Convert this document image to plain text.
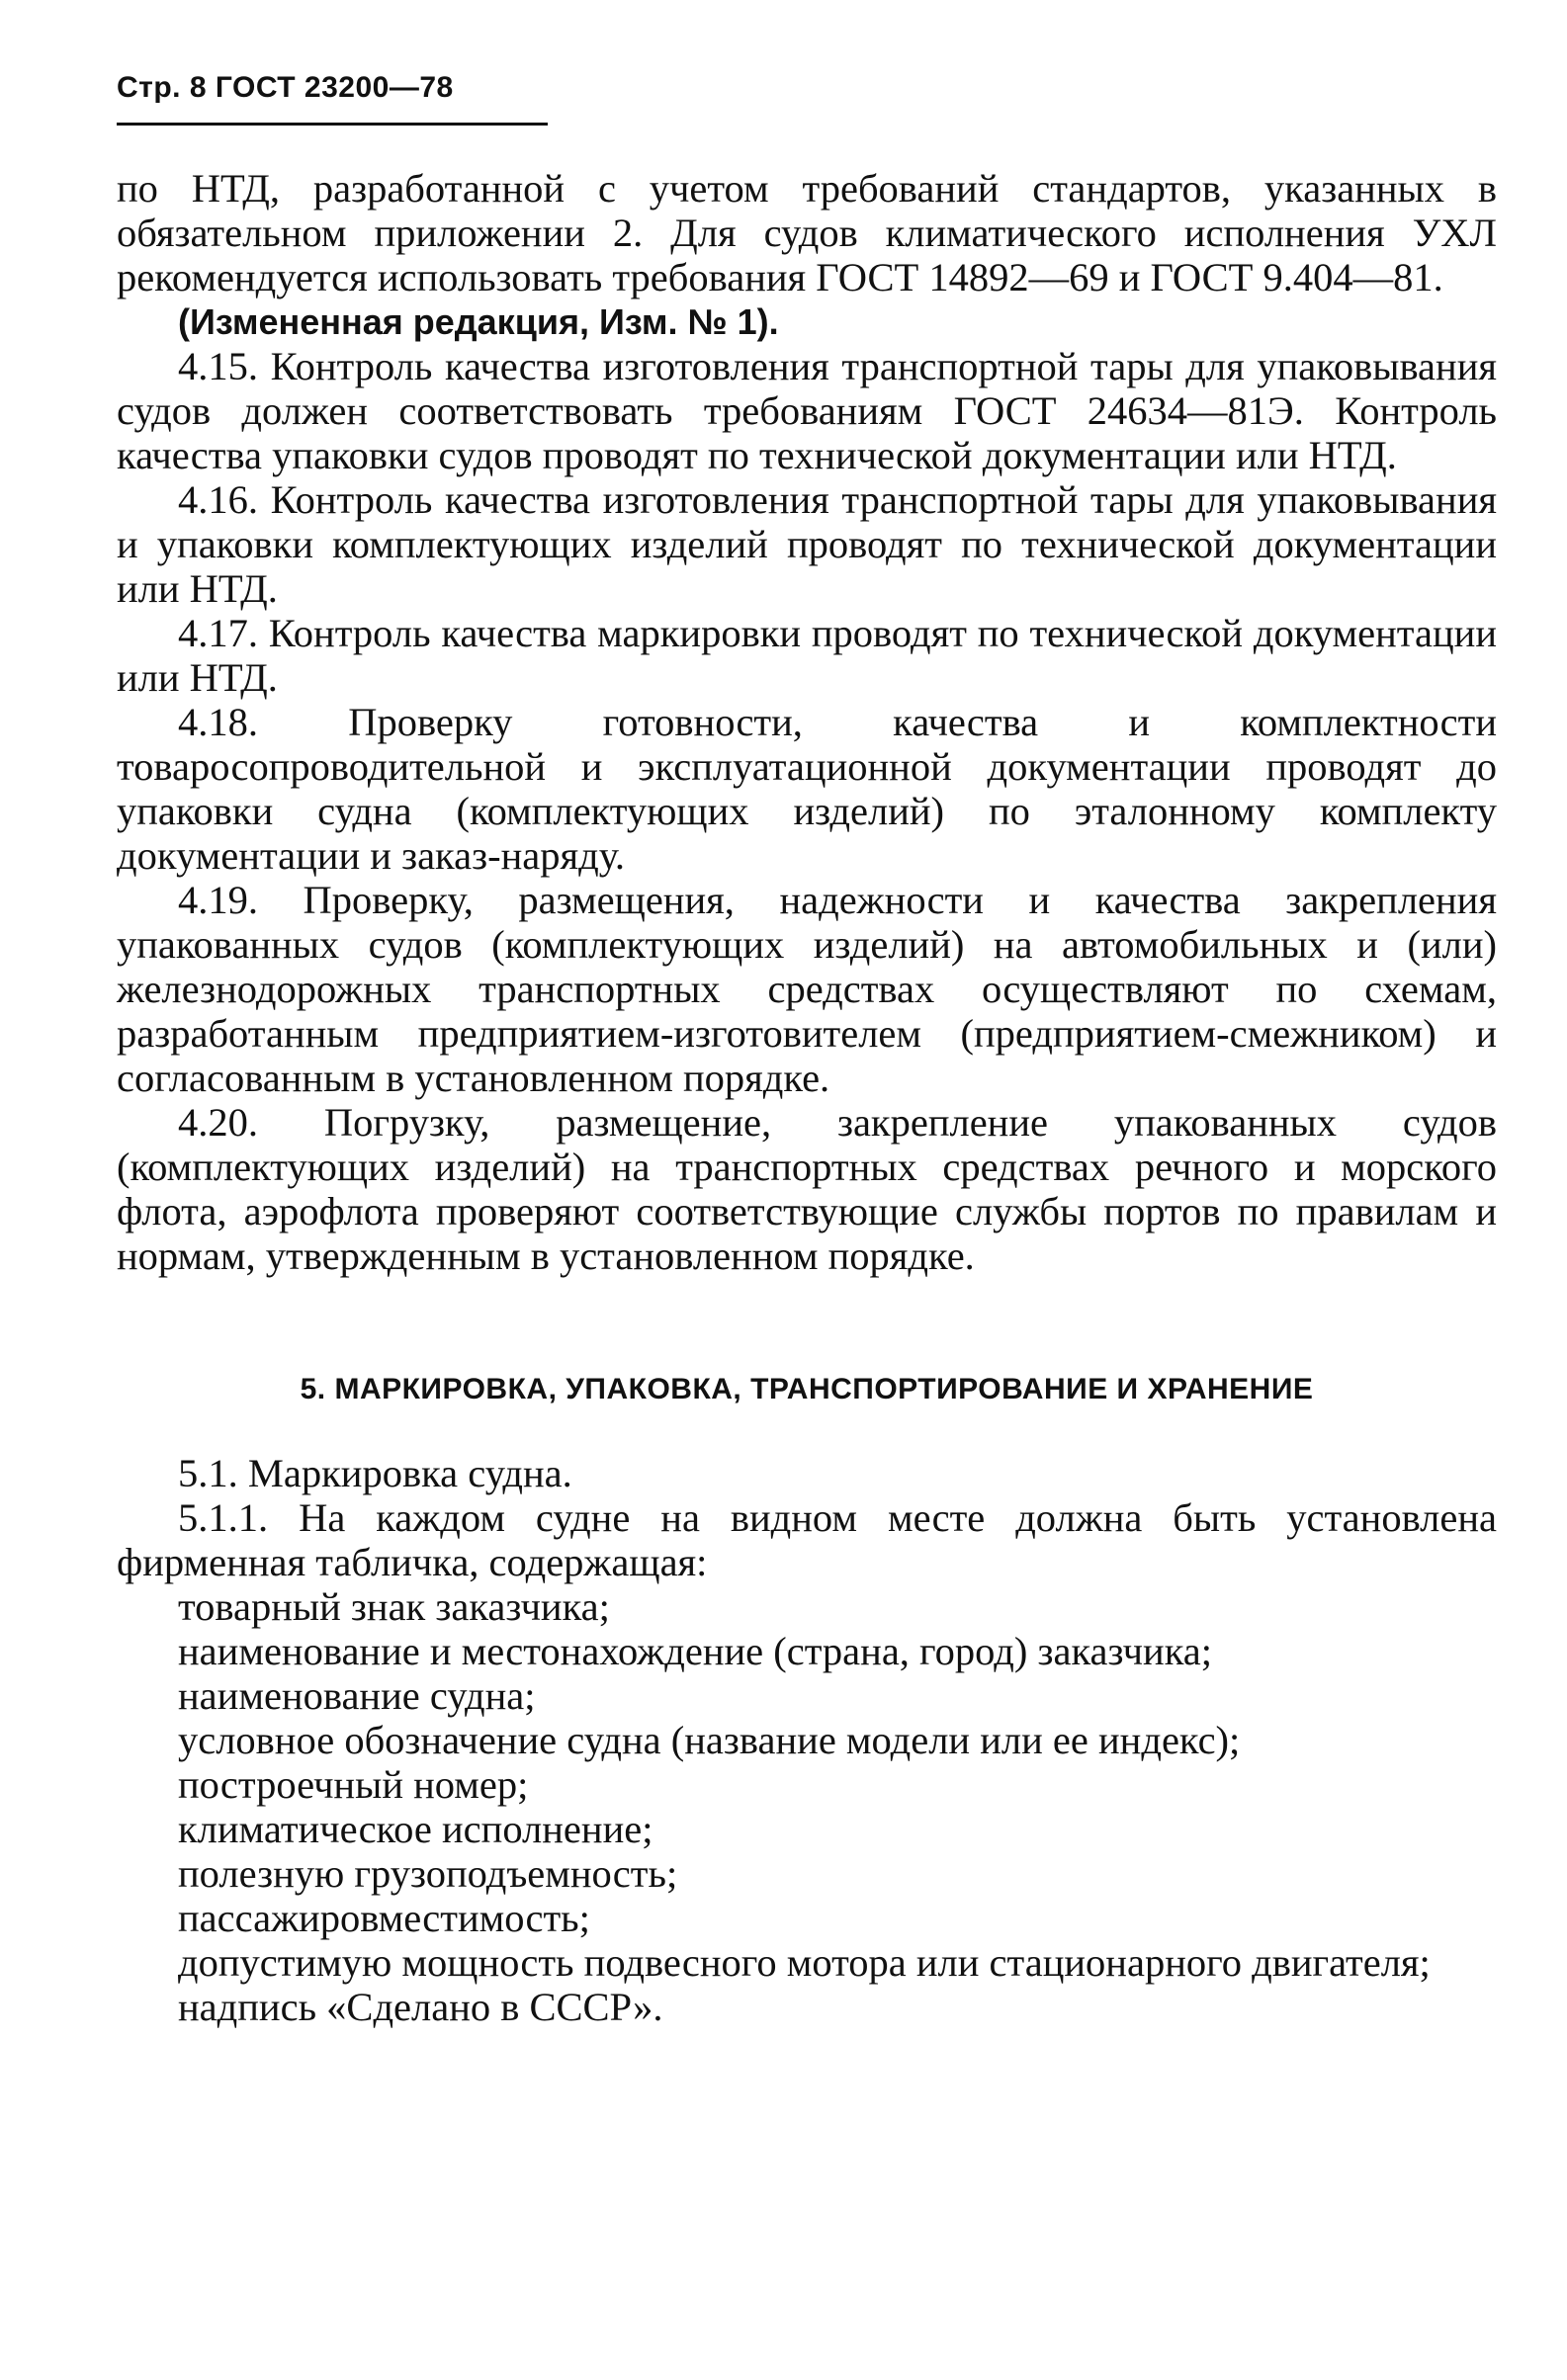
Стр. 8 ГОСТ 23200—78

по НТД, разработанной с учетом требований стандартов, указанных в обязательном приложении 2. Для судов климатического исполнения УХЛ рекомендуется использовать требования ГОСТ 14892—69 и ГОСТ 9.404—81.

(Измененная редакция, Изм. № 1).

4.15. Контроль качества изготовления транспортной тары для упаковывания судов должен соответствовать требованиям ГОСТ 24634—81Э. Контроль качества упаковки судов проводят по технической документации или НТД.

4.16. Контроль качества изготовления транспортной тары для упаковывания и упаковки комплектующих изделий проводят по технической документации или НТД.

4.17. Контроль качества маркировки проводят по технической документации или НТД.

4.18. Проверку готовности, качества и комплектности товаросопроводительной и эксплуатационной документации проводят до упаковки судна (комплектующих изделий) по эталонному комплекту документации и заказ-наряду.

4.19. Проверку, размещения, надежности и качества закрепления упакованных судов (комплектующих изделий) на автомобильных и (или) железнодорожных транспортных средствах осуществляют по схемам, разработанным предприятием-изготовителем (предприятием-смежником) и согласованным в установленном порядке.

4.20. Погрузку, размещение, закрепление упакованных судов (комплектующих изделий) на транспортных средствах речного и морского флота, аэрофлота проверяют соответствующие службы портов по правилам и нормам, утвержденным в установленном порядке.

5. МАРКИРОВКА, УПАКОВКА, ТРАНСПОРТИРОВАНИЕ И ХРАНЕНИЕ

5.1. Маркировка судна.

5.1.1. На каждом судне на видном месте должна быть установлена фирменная табличка, содержащая:

товарный знак заказчика;
наименование и местонахождение (страна, город) заказчика;
наименование судна;
условное обозначение судна (название модели или ее индекс);
построечный номер;
климатическое исполнение;
полезную грузоподъемность;
пассажировместимость;
допустимую мощность подвесного мотора или стационарного двигателя;
надпись «Сделано в СССР».
